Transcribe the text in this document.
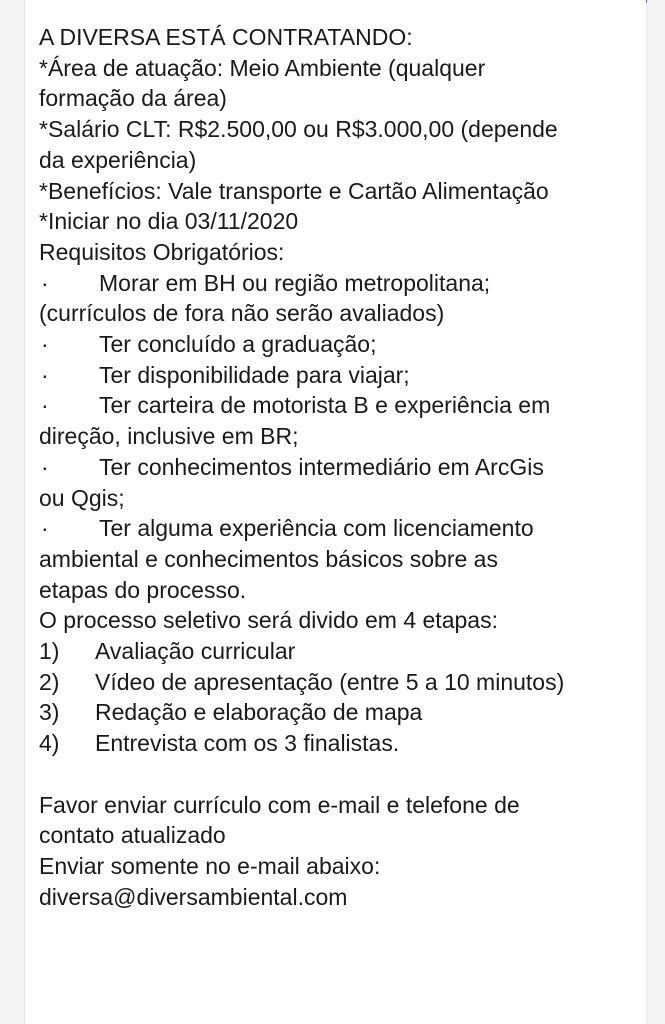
A DIVERSA ESTÁ CONTRATANDO:
*Área de atuação: Meio Ambiente (qualquer
formação da área)
*Salário CLT: R$2.500,00 ou R$3.000,00 (depende
da experiência)
*Benefícios: Vale transporte e Cartão Alimentação
*Iniciar no dia 03/11/2020
Requisitos Obrigatórios:
· Morar em BH ou região metropolitana;
(currículos de fora não serão avaliados)
· Ter concluído a graduação;
· Ter disponibilidade para viajar;
· Ter carteira de motorista B e experiência em
direção, inclusive em BR;
· Ter conhecimentos intermediário em ArcGis
ou Qgis;
· Ter alguma experiência com licenciamento
ambiental e conhecimentos básicos sobre as
etapas do processo.
O processo seletivo será divido em 4 etapas:
1) Avaliação curricular
2) Vídeo de apresentação (entre 5 a 10 minutos)
3) Redação e elaboração de mapa
4) Entrevista com os 3 finalistas.
Favor enviar currículo com e-mail e telefone de
contato atualizado
Enviar somente no e-mail abaixo:
diversa@diversambiental.com
